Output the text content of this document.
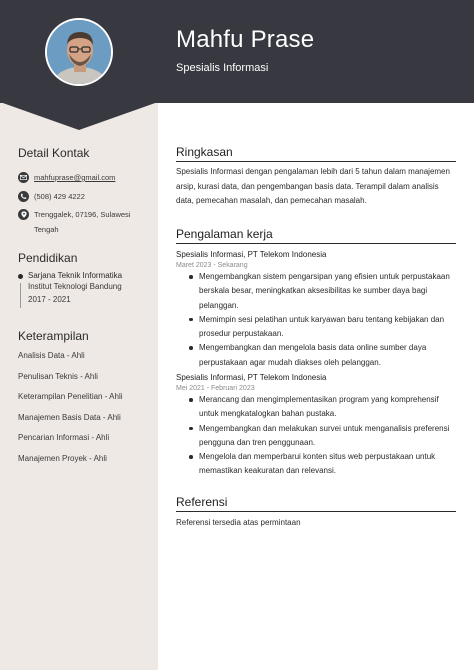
Mahfu Prase
Spesialis Informasi
Detail Kontak
mahfuprase@gmail.com
(508) 429 4222
Trenggalek, 07196, Sulawesi Tengah
Pendidikan
Sarjana Teknik Informatika
Institut Teknologi Bandung
2017 - 2021
Keterampilan
Analisis Data - Ahli
Penulisan Teknis - Ahli
Keterampilan Penelitian - Ahli
Manajemen Basis Data - Ahli
Pencarian Informasi - Ahli
Manajemen Proyek - Ahli
Ringkasan
Spesialis Informasi dengan pengalaman lebih dari 5 tahun dalam manajemen arsip, kurasi data, dan pengembangan basis data. Terampil dalam analisis data, pemecahan masalah, dan pemecahan masalah.
Pengalaman kerja
Spesialis Informasi, PT Telekom Indonesia
Maret 2023 - Sekarang
Mengembangkan sistem pengarsipan yang efisien untuk perpustakaan berskala besar, meningkatkan aksesibilitas ke sumber daya bagi pelanggan.
Memimpin sesi pelatihan untuk karyawan baru tentang kebijakan dan prosedur perpustakaan.
Mengembangkan dan mengelola basis data online sumber daya perpustakaan agar mudah diakses oleh pelanggan.
Spesialis Informasi, PT Telekom Indonesia
Mei 2021 - Februari 2023
Merancang dan mengimplementasikan program yang komprehensif untuk mengkatalogkan bahan pustaka.
Mengembangkan dan melakukan survei untuk menganalisis preferensi pengguna dan tren penggunaan.
Mengelola dan memperbarui konten situs web perpustakaan untuk memastikan keakuratan dan relevansi.
Referensi
Referensi tersedia atas permintaan
